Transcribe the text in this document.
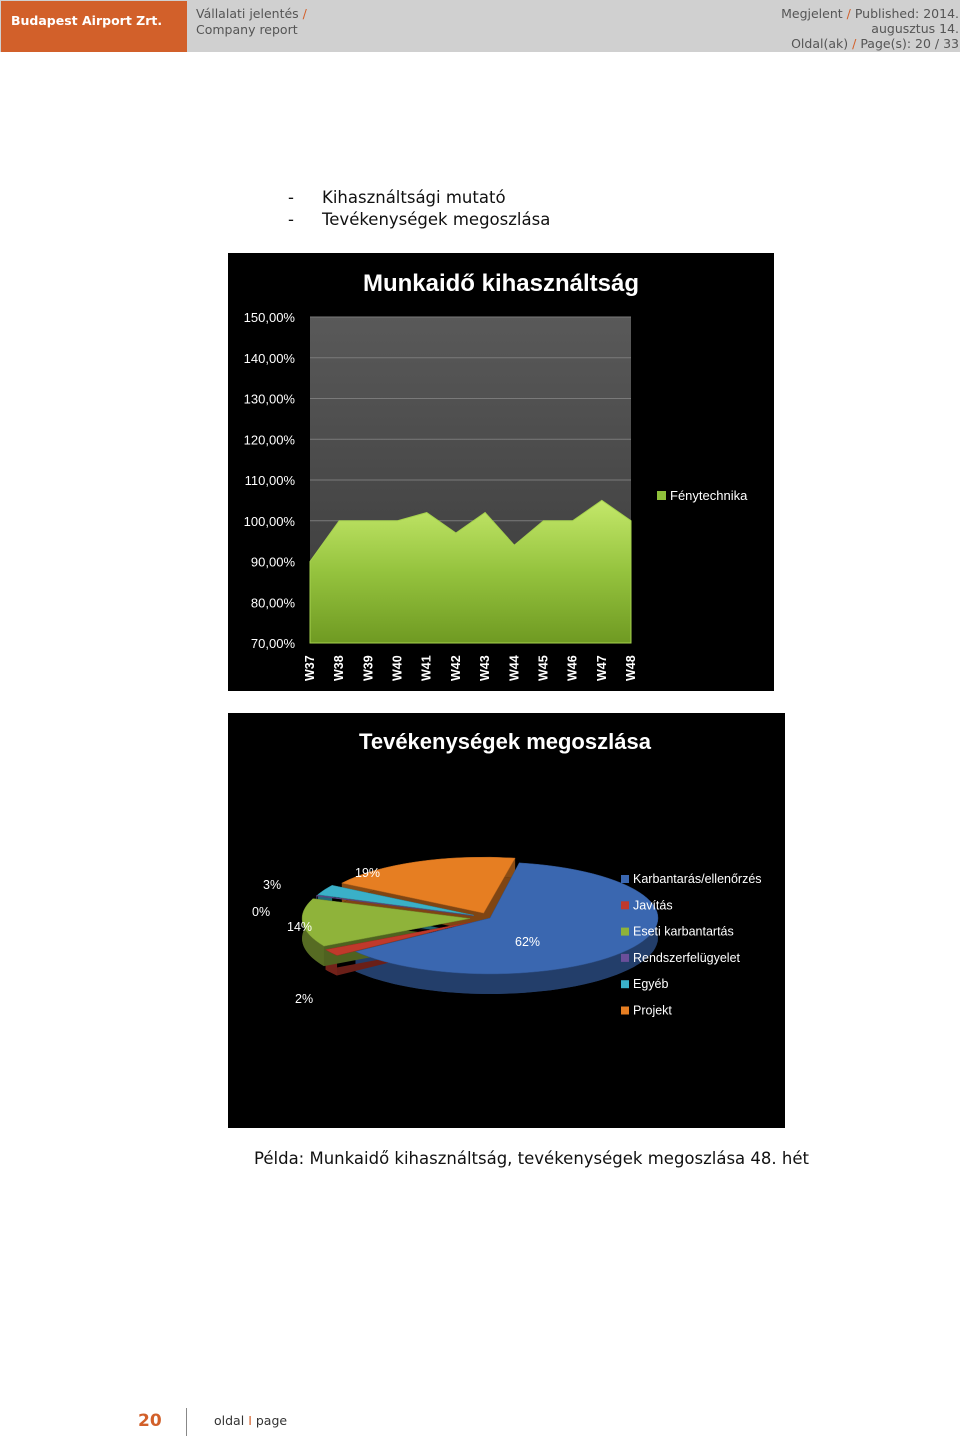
Budapest Airport Zrt.	Vállalati jelentés /
Company report
Megjelent / Published: 2014.
augusztus 14.
Oldal(ak) / Page(s): 20 / 33
-	Kihasználtsági mutató
-	Tevékenységek megoszlása
Munkaidő kihasználtság
70,00%
80,00%
90,00%
100,00%
110,00%
120,00%
130,00%
140,00%
150,00%
W37 W38 W39 W40 W41 W42 W43 W44 W45 W46 W47 W48
Fénytechnika
Tevékenységek megoszlása
62%
2%
14%
0%
3%
19%	Karbantarás/ellenőrzés
Javítás
Eseti karbantartás
Rendszerfelügyelet
Egyéb
Projekt
Példa: Munkaidő kihasználtság, tevékenységek megoszlása 48. hét
20	oldal I page
